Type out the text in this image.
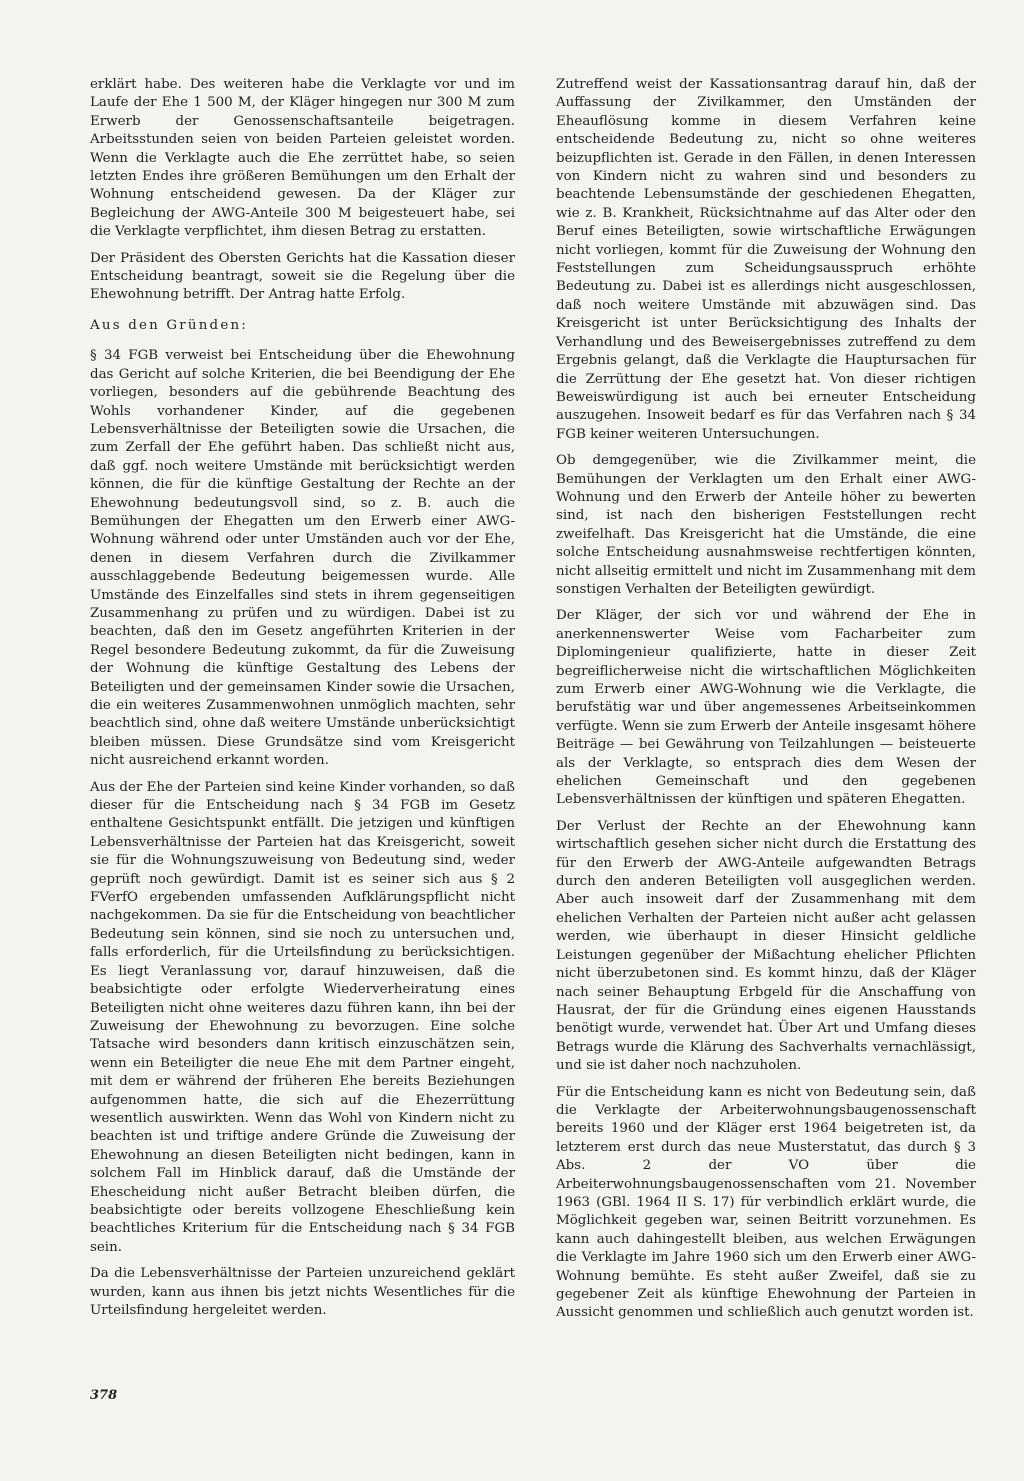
erklärt habe. Des weiteren habe die Verklagte vor und im Laufe der Ehe 1 500 M, der Kläger hingegen nur 300 M zum Erwerb der Genossenschaftsanteile beigetragen. Arbeitsstunden seien von beiden Parteien geleistet worden. Wenn die Verklagte auch die Ehe zerrüttet habe, so seien letzten Endes ihre größeren Bemühungen um den Erhalt der Wohnung entscheidend gewesen. Da der Kläger zur Begleichung der AWG-Anteile 300 M beigesteuert habe, sei die Verklagte verpflichtet, ihm diesen Betrag zu erstatten.

Der Präsident des Obersten Gerichts hat die Kassation dieser Entscheidung beantragt, soweit sie die Regelung über die Ehewohnung betrifft. Der Antrag hatte Erfolg.

Aus den Gründen:

§ 34 FGB verweist bei Entscheidung über die Ehewohnung das Gericht auf solche Kriterien, die bei Beendigung der Ehe vorliegen, besonders auf die gebührende Beachtung des Wohls vorhandener Kinder, auf die gegebenen Lebensverhältnisse der Beteiligten sowie die Ursachen, die zum Zerfall der Ehe geführt haben. Das schließt nicht aus, daß ggf. noch weitere Umstände mit berücksichtigt werden können, die für die künftige Gestaltung der Rechte an der Ehewohnung bedeutungsvoll sind, so z. B. auch die Bemühungen der Ehegatten um den Erwerb einer AWG-Wohnung während oder unter Umständen auch vor der Ehe, denen in diesem Verfahren durch die Zivilkammer ausschlaggebende Bedeutung beigemessen wurde. Alle Umstände des Einzelfalles sind stets in ihrem gegenseitigen Zusammenhang zu prüfen und zu würdigen. Dabei ist zu beachten, daß den im Gesetz angeführten Kriterien in der Regel besondere Bedeutung zukommt, da für die Zuweisung der Wohnung die künftige Gestaltung des Lebens der Beteiligten und der gemeinsamen Kinder sowie die Ursachen, die ein weiteres Zusammenwohnen unmöglich machten, sehr beachtlich sind, ohne daß weitere Umstände unberücksichtigt bleiben müssen. Diese Grundsätze sind vom Kreisgericht nicht ausreichend erkannt worden.

Aus der Ehe der Parteien sind keine Kinder vorhanden, so daß dieser für die Entscheidung nach § 34 FGB im Gesetz enthaltene Gesichtspunkt entfällt. Die jetzigen und künftigen Lebensverhältnisse der Parteien hat das Kreisgericht, soweit sie für die Wohnungszuweisung von Bedeutung sind, weder geprüft noch gewürdigt. Damit ist es seiner sich aus § 2 FVerfO ergebenden umfassenden Aufklärungspflicht nicht nachgekommen. Da sie für die Entscheidung von beachtlicher Bedeutung sein können, sind sie noch zu untersuchen und, falls erforderlich, für die Urteilsfindung zu berücksichtigen. Es liegt Veranlassung vor, darauf hinzuweisen, daß die beabsichtigte oder erfolgte Wiederverheiratung eines Beteiligten nicht ohne weiteres dazu führen kann, ihn bei der Zuweisung der Ehewohnung zu bevorzugen. Eine solche Tatsache wird besonders dann kritisch einzuschätzen sein, wenn ein Beteiligter die neue Ehe mit dem Partner eingeht, mit dem er während der früheren Ehe bereits Beziehungen aufgenommen hatte, die sich auf die Ehezerrüttung wesentlich auswirkten. Wenn das Wohl von Kindern nicht zu beachten ist und triftige andere Gründe die Zuweisung der Ehewohnung an diesen Beteiligten nicht bedingen, kann in solchem Fall im Hinblick darauf, daß die Umstände der Ehescheidung nicht außer Betracht bleiben dürfen, die beabsichtigte oder bereits vollzogene Eheschließung kein beachtliches Kriterium für die Entscheidung nach § 34 FGB sein.

Da die Lebensverhältnisse der Parteien unzureichend geklärt wurden, kann aus ihnen bis jetzt nichts Wesentliches für die Urteilsfindung hergeleitet werden.

Zutreffend weist der Kassationsantrag darauf hin, daß der Auffassung der Zivilkammer, den Umständen der Eheauflösung komme in diesem Verfahren keine entscheidende Bedeutung zu, nicht so ohne weiteres beizupflichten ist. Gerade in den Fällen, in denen Interessen von Kindern nicht zu wahren sind und besonders zu beachtende Lebensumstände der geschiedenen Ehegatten, wie z. B. Krankheit, Rücksichtnahme auf das Alter oder den Beruf eines Beteiligten, sowie wirtschaftliche Erwägungen nicht vorliegen, kommt für die Zuweisung der Wohnung den Feststellungen zum Scheidungsausspruch erhöhte Bedeutung zu. Dabei ist es allerdings nicht ausgeschlossen, daß noch weitere Umstände mit abzuwägen sind. Das Kreisgericht ist unter Berücksichtigung des Inhalts der Verhandlung und des Beweisergebnisses zutreffend zu dem Ergebnis gelangt, daß die Verklagte die Hauptursachen für die Zerrüttung der Ehe gesetzt hat. Von dieser richtigen Beweiswürdigung ist auch bei erneuter Entscheidung auszugehen. Insoweit bedarf es für das Verfahren nach § 34 FGB keiner weiteren Untersuchungen.

Ob demgegenüber, wie die Zivilkammer meint, die Bemühungen der Verklagten um den Erhalt einer AWG-Wohnung und den Erwerb der Anteile höher zu bewerten sind, ist nach den bisherigen Feststellungen recht zweifelhaft. Das Kreisgericht hat die Umstände, die eine solche Entscheidung ausnahmsweise rechtfertigen könnten, nicht allseitig ermittelt und nicht im Zusammenhang mit dem sonstigen Verhalten der Beteiligten gewürdigt.

Der Kläger, der sich vor und während der Ehe in anerkennenswerter Weise vom Facharbeiter zum Diplomingenieur qualifizierte, hatte in dieser Zeit begreiflicherweise nicht die wirtschaftlichen Möglichkeiten zum Erwerb einer AWG-Wohnung wie die Verklagte, die berufstätig war und über angemessenes Arbeitseinkommen verfügte. Wenn sie zum Erwerb der Anteile insgesamt höhere Beiträge — bei Gewährung von Teilzahlungen — beisteuerte als der Verklagte, so entsprach dies dem Wesen der ehelichen Gemeinschaft und den gegebenen Lebensverhältnissen der künftigen und späteren Ehegatten.

Der Verlust der Rechte an der Ehewohnung kann wirtschaftlich gesehen sicher nicht durch die Erstattung des für den Erwerb der AWG-Anteile aufgewandten Betrags durch den anderen Beteiligten voll ausgeglichen werden. Aber auch insoweit darf der Zusammenhang mit dem ehelichen Verhalten der Parteien nicht außer acht gelassen werden, wie überhaupt in dieser Hinsicht geldliche Leistungen gegenüber der Mißachtung ehelicher Pflichten nicht überzubetonen sind. Es kommt hinzu, daß der Kläger nach seiner Behauptung Erbgeld für die Anschaffung von Hausrat, der für die Gründung eines eigenen Hausstands benötigt wurde, verwendet hat. Über Art und Umfang dieses Betrags wurde die Klärung des Sachverhalts vernachlässigt, und sie ist daher noch nachzuholen.

Für die Entscheidung kann es nicht von Bedeutung sein, daß die Verklagte der Arbeiterwohnungsbaugenossenschaft bereits 1960 und der Kläger erst 1964 beigetreten ist, da letzterem erst durch das neue Musterstatut, das durch § 3 Abs. 2 der VO über die Arbeiterwohnungsbaugenossenschaften vom 21. November 1963 (GBl. 1964 II S. 17) für verbindlich erklärt wurde, die Möglichkeit gegeben war, seinen Beitritt vorzunehmen. Es kann auch dahingestellt bleiben, aus welchen Erwägungen die Verklagte im Jahre 1960 sich um den Erwerb einer AWG-Wohnung bemühte. Es steht außer Zweifel, daß sie zu gegebener Zeit als künftige Ehewohnung der Parteien in Aussicht genommen und schließlich auch genutzt worden ist.

378
